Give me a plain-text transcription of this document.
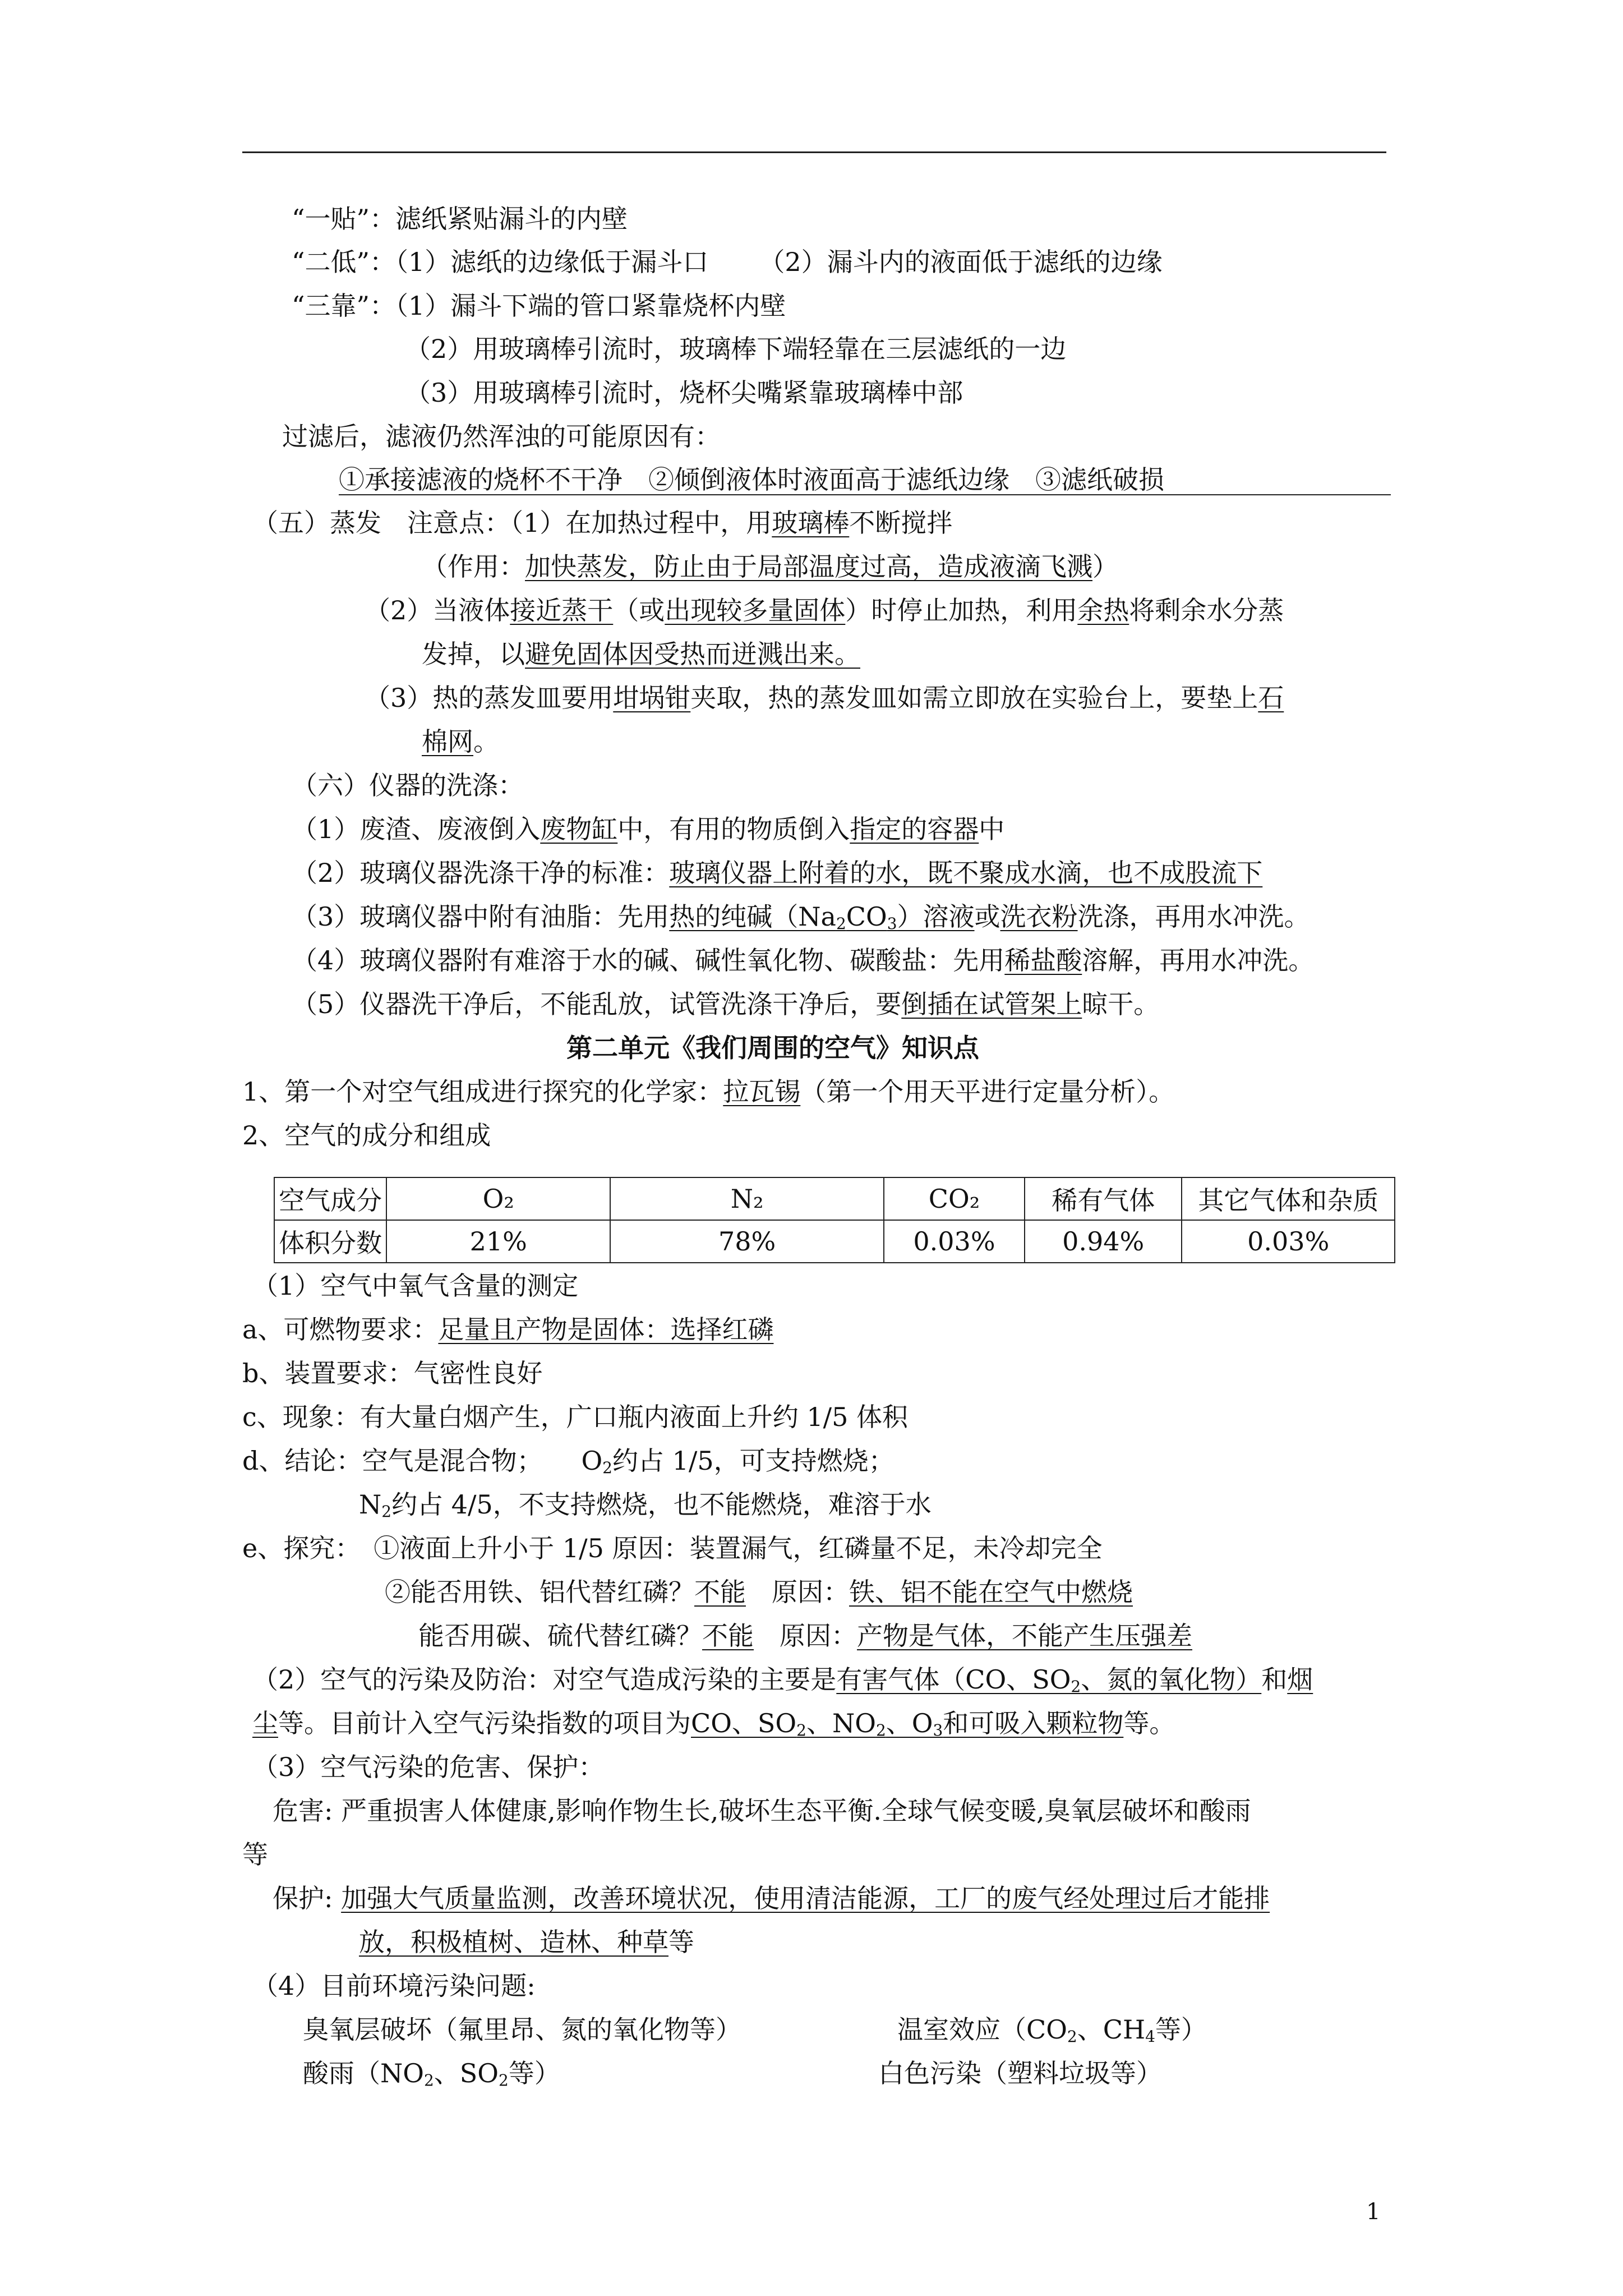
“一贴”：滤纸紧贴漏斗的内壁
“二低”：（1）滤纸的边缘低于漏斗口 （2）漏斗内的液面低于滤纸的边缘
“三靠”：（1）漏斗下端的管口紧靠烧杯内壁
（2）用玻璃棒引流时，玻璃棒下端轻靠在三层滤纸的一边
（3）用玻璃棒引流时，烧杯尖嘴紧靠玻璃棒中部
过滤后，滤液仍然浑浊的可能原因有：
①承接滤液的烧杯不干净　②倾倒液体时液面高于滤纸边缘　③滤纸破损
（五）蒸发　注意点：（1）在加热过程中，用玻璃棒不断搅拌
（作用：加快蒸发，防止由于局部温度过高，造成液滴飞溅）
（2）当液体接近蒸干（或出现较多量固体）时停止加热，利用余热将剩余水分蒸
发掉，以避免固体因受热而迸溅出来。
（3）热的蒸发皿要用坩埚钳夹取，热的蒸发皿如需立即放在实验台上，要垫上石
棉网。
（六）仪器的洗涤：
（1）废渣、废液倒入废物缸中，有用的物质倒入指定的容器中
（2）玻璃仪器洗涤干净的标准：玻璃仪器上附着的水，既不聚成水滴，也不成股流下
（3）玻璃仪器中附有油脂：先用热的纯碱$(Na_2CO_3)$溶液或洗衣粉洗涤，再用水冲洗。
（4）玻璃仪器附有难溶于水的碱、碱性氧化物、碳酸盐：先用稀盐酸溶解，再用水冲洗。
（5）仪器洗干净后，不能乱放，试管洗涤干净后，要倒插在试管架上晾干。
第二单元《我们周围的空气》知识点
1、第一个对空气组成进行探究的化学家：拉瓦锡（第一个用天平进行定量分析）。
2、空气的成分和组成
空气成分	O₂	N₂	CO₂	稀有气体	其它气体和杂质
体积分数	21%	78%	0.03%	0.94%	0.03%
（1）空气中氧气含量的测定
a、可燃物要求：足量且产物是固体：选择红磷
b、装置要求：气密性良好
c、现象：有大量白烟产生，广口瓶内液面上升约 1/5 体积
d、结论：空气是混合物；　　$O_2$约占 1/5，可支持燃烧；
$N_2$约占 4/5，不支持燃烧，也不能燃烧，难溶于水
e、探究：　①液面上升小于 1/5 原因：装置漏气，红磷量不足，未冷却完全
②能否用铁、铝代替红磷？不能　原因：铁、铝不能在空气中燃烧
能否用碳、硫代替红磷？不能　原因：产物是气体，不能产生压强差
（2）空气的污染及防治：对空气造成污染的主要是有害气体（CO、$SO_2$、氮的氧化物）和烟
尘等。目前计入空气污染指数的项目为CO、$SO_2$、$NO_2$、$O_3$和可吸入颗粒物等。
（3）空气污染的危害、保护：
危害: 严重损害人体健康,影响作物生长,破坏生态平衡.全球气候变暖,臭氧层破坏和酸雨
等
保护: 加强大气质量监测，改善环境状况，使用清洁能源，工厂的废气经处理过后才能排
放，积极植树、造林、种草等
（4）目前环境污染问题:
臭氧层破坏（氟里昂、氮的氧化物等）	温室效应（$CO_2$、$CH_4$等）
酸雨（$NO_2$、$SO_2$等）	白色污染（塑料垃圾等）
1
